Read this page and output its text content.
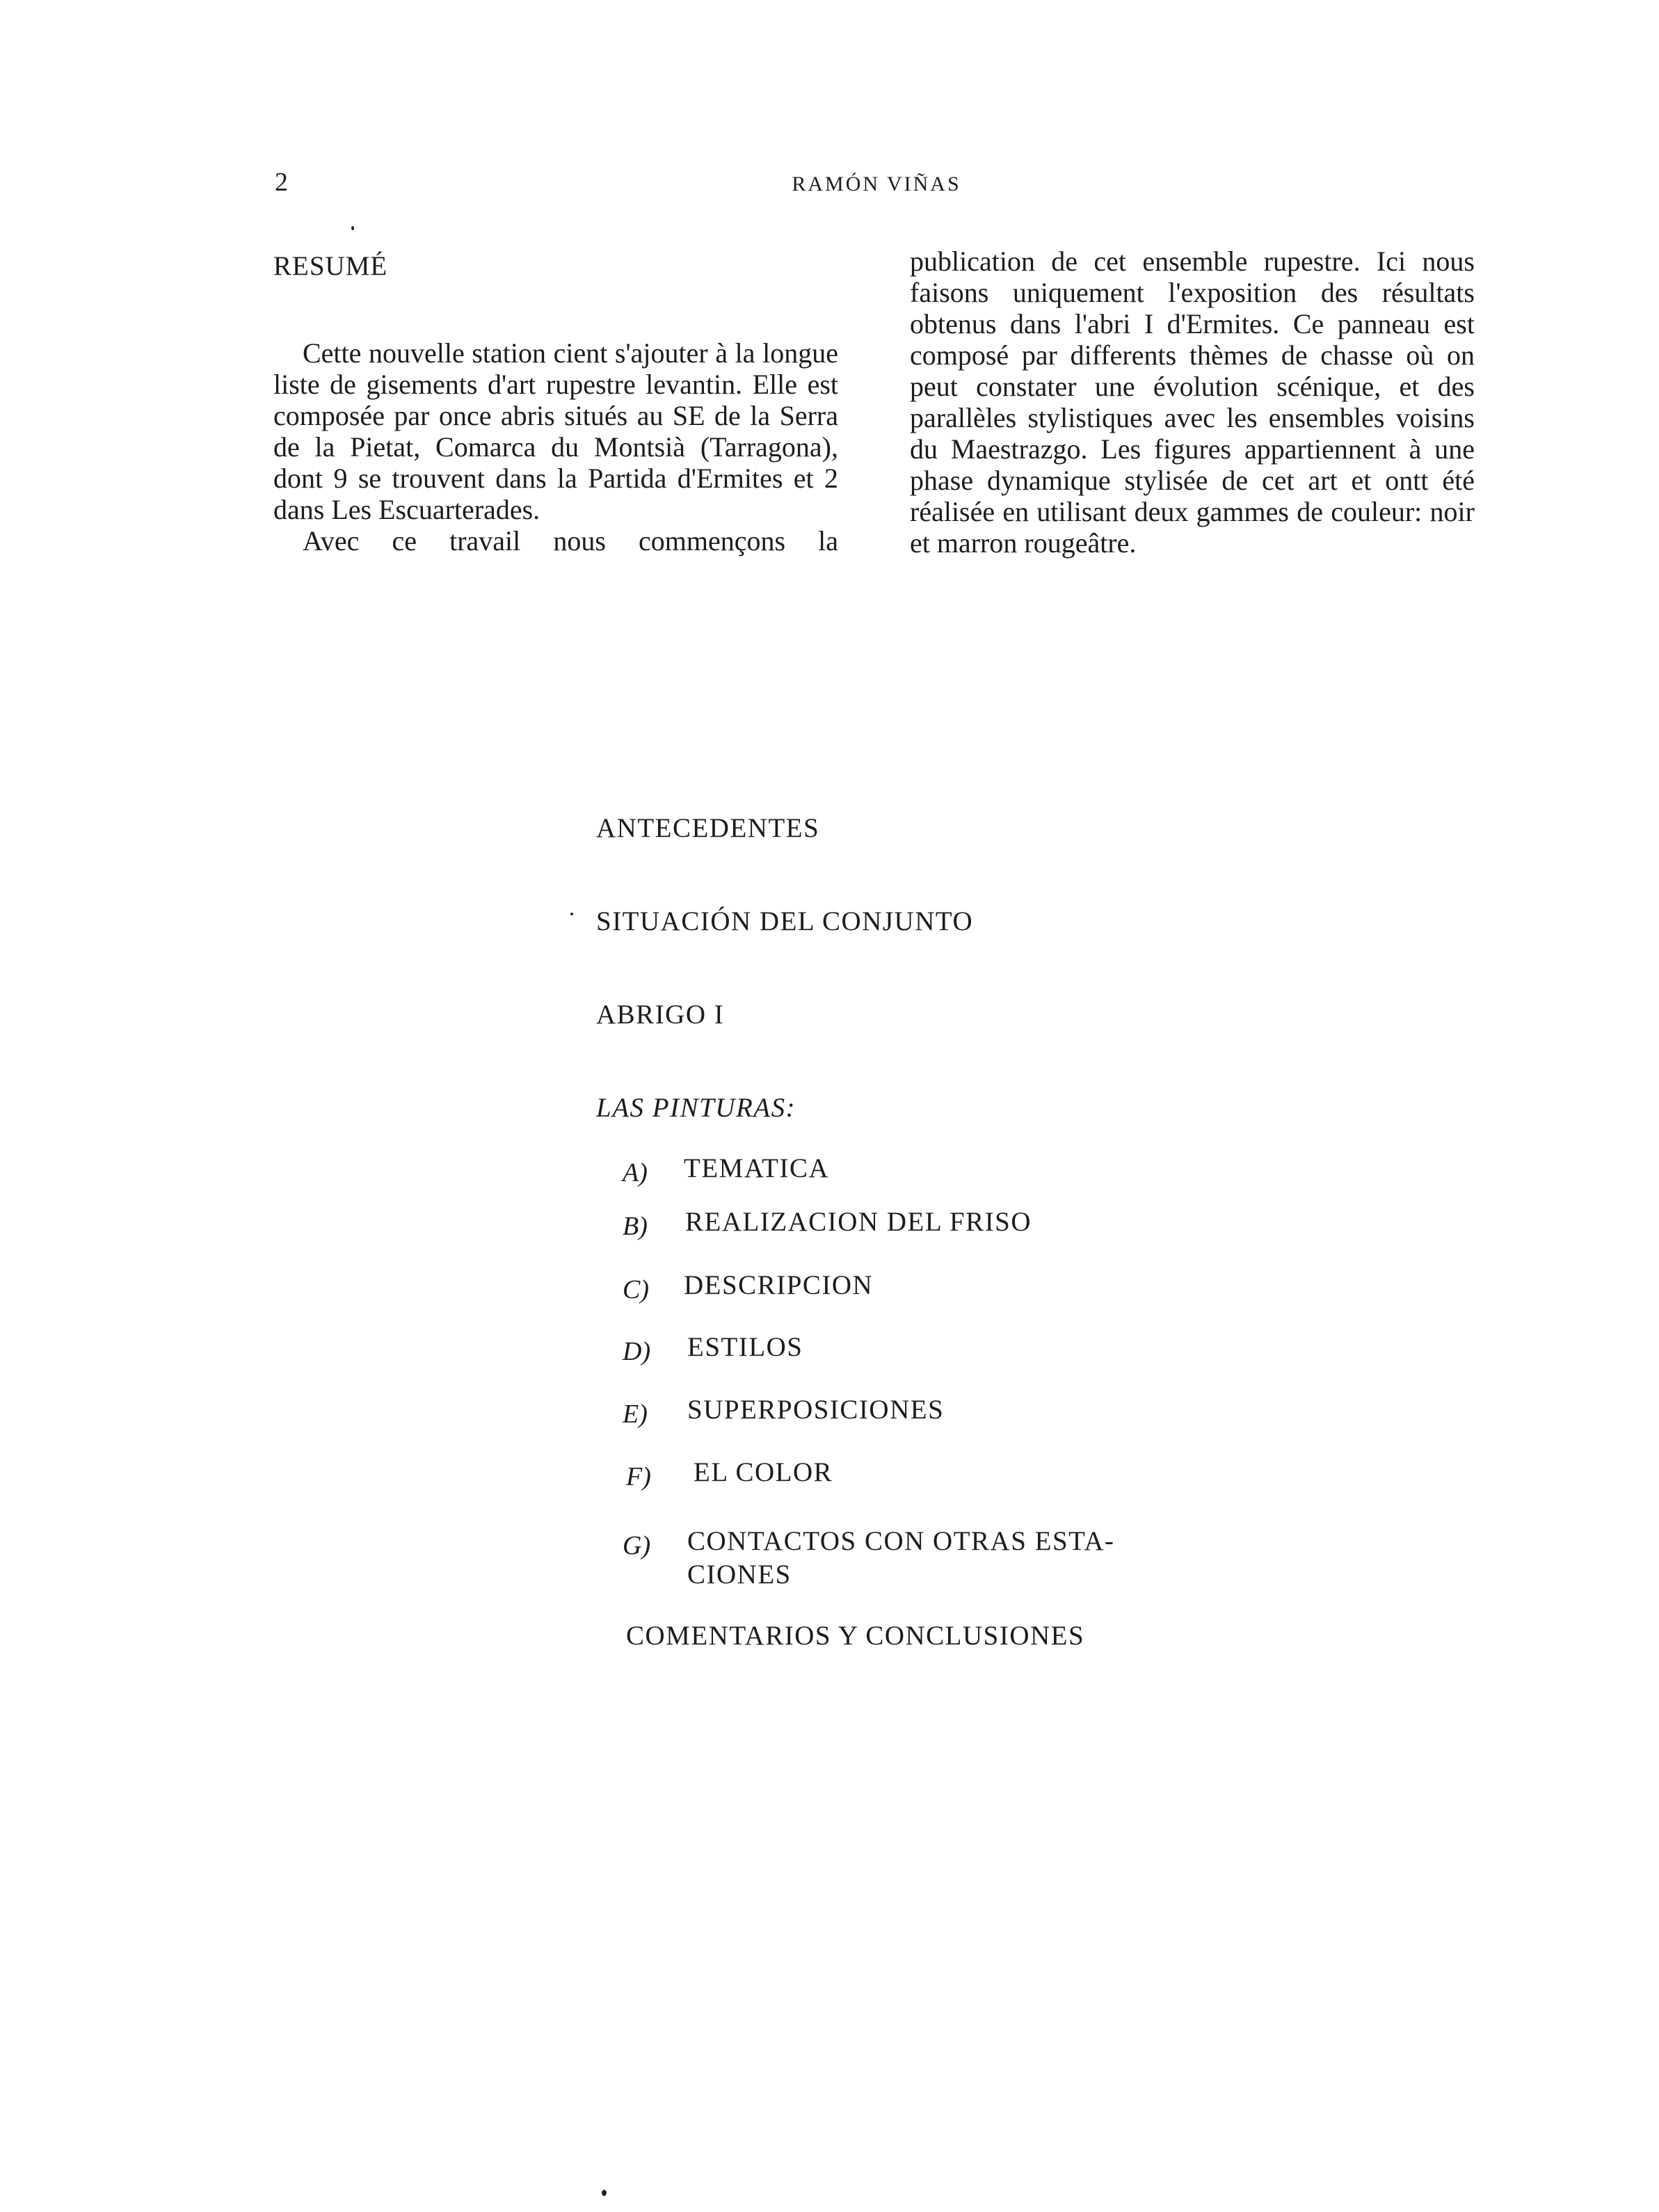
2	RAMÓN VIÑAS
RESUMÉ

Cette nouvelle station cient s'ajouter à la longue liste de gisements d'art rupestre levantin. Elle est composée par once abris situés au SE de la Serra de la Pietat, Comarca du Montsià (Tarragona), dont 9 se trouvent dans la Partida d'Ermites et 2 dans Les Escuarterades.

Avec ce travail nous commençons la

publication de cet ensemble rupestre. Ici nous faisons uniquement l'exposition des résultats obtenus dans l'abri I d'Ermites. Ce panneau est composé par differents thèmes de chasse où on peut constater une évolution scénique, et des parallèles stylistiques avec les ensembles voisins du Maestrazgo. Les figures appartiennent à une phase dynamique stylisée de cet art et ontt été réalisée en utilisant deux gammes de couleur: noir et marron rougeâtre.

ANTECEDENTES
SITUACIÓN DEL CONJUNTO
ABRIGO I
LAS PINTURAS:
A) TEMATICA
B) REALIZACION DEL FRISO
C) DESCRIPCION
D) ESTILOS
E) SUPERPOSICIONES
F) EL COLOR
G) CONTACTOS CON OTRAS ESTA-
CIONES
COMENTARIOS Y CONCLUSIONES
